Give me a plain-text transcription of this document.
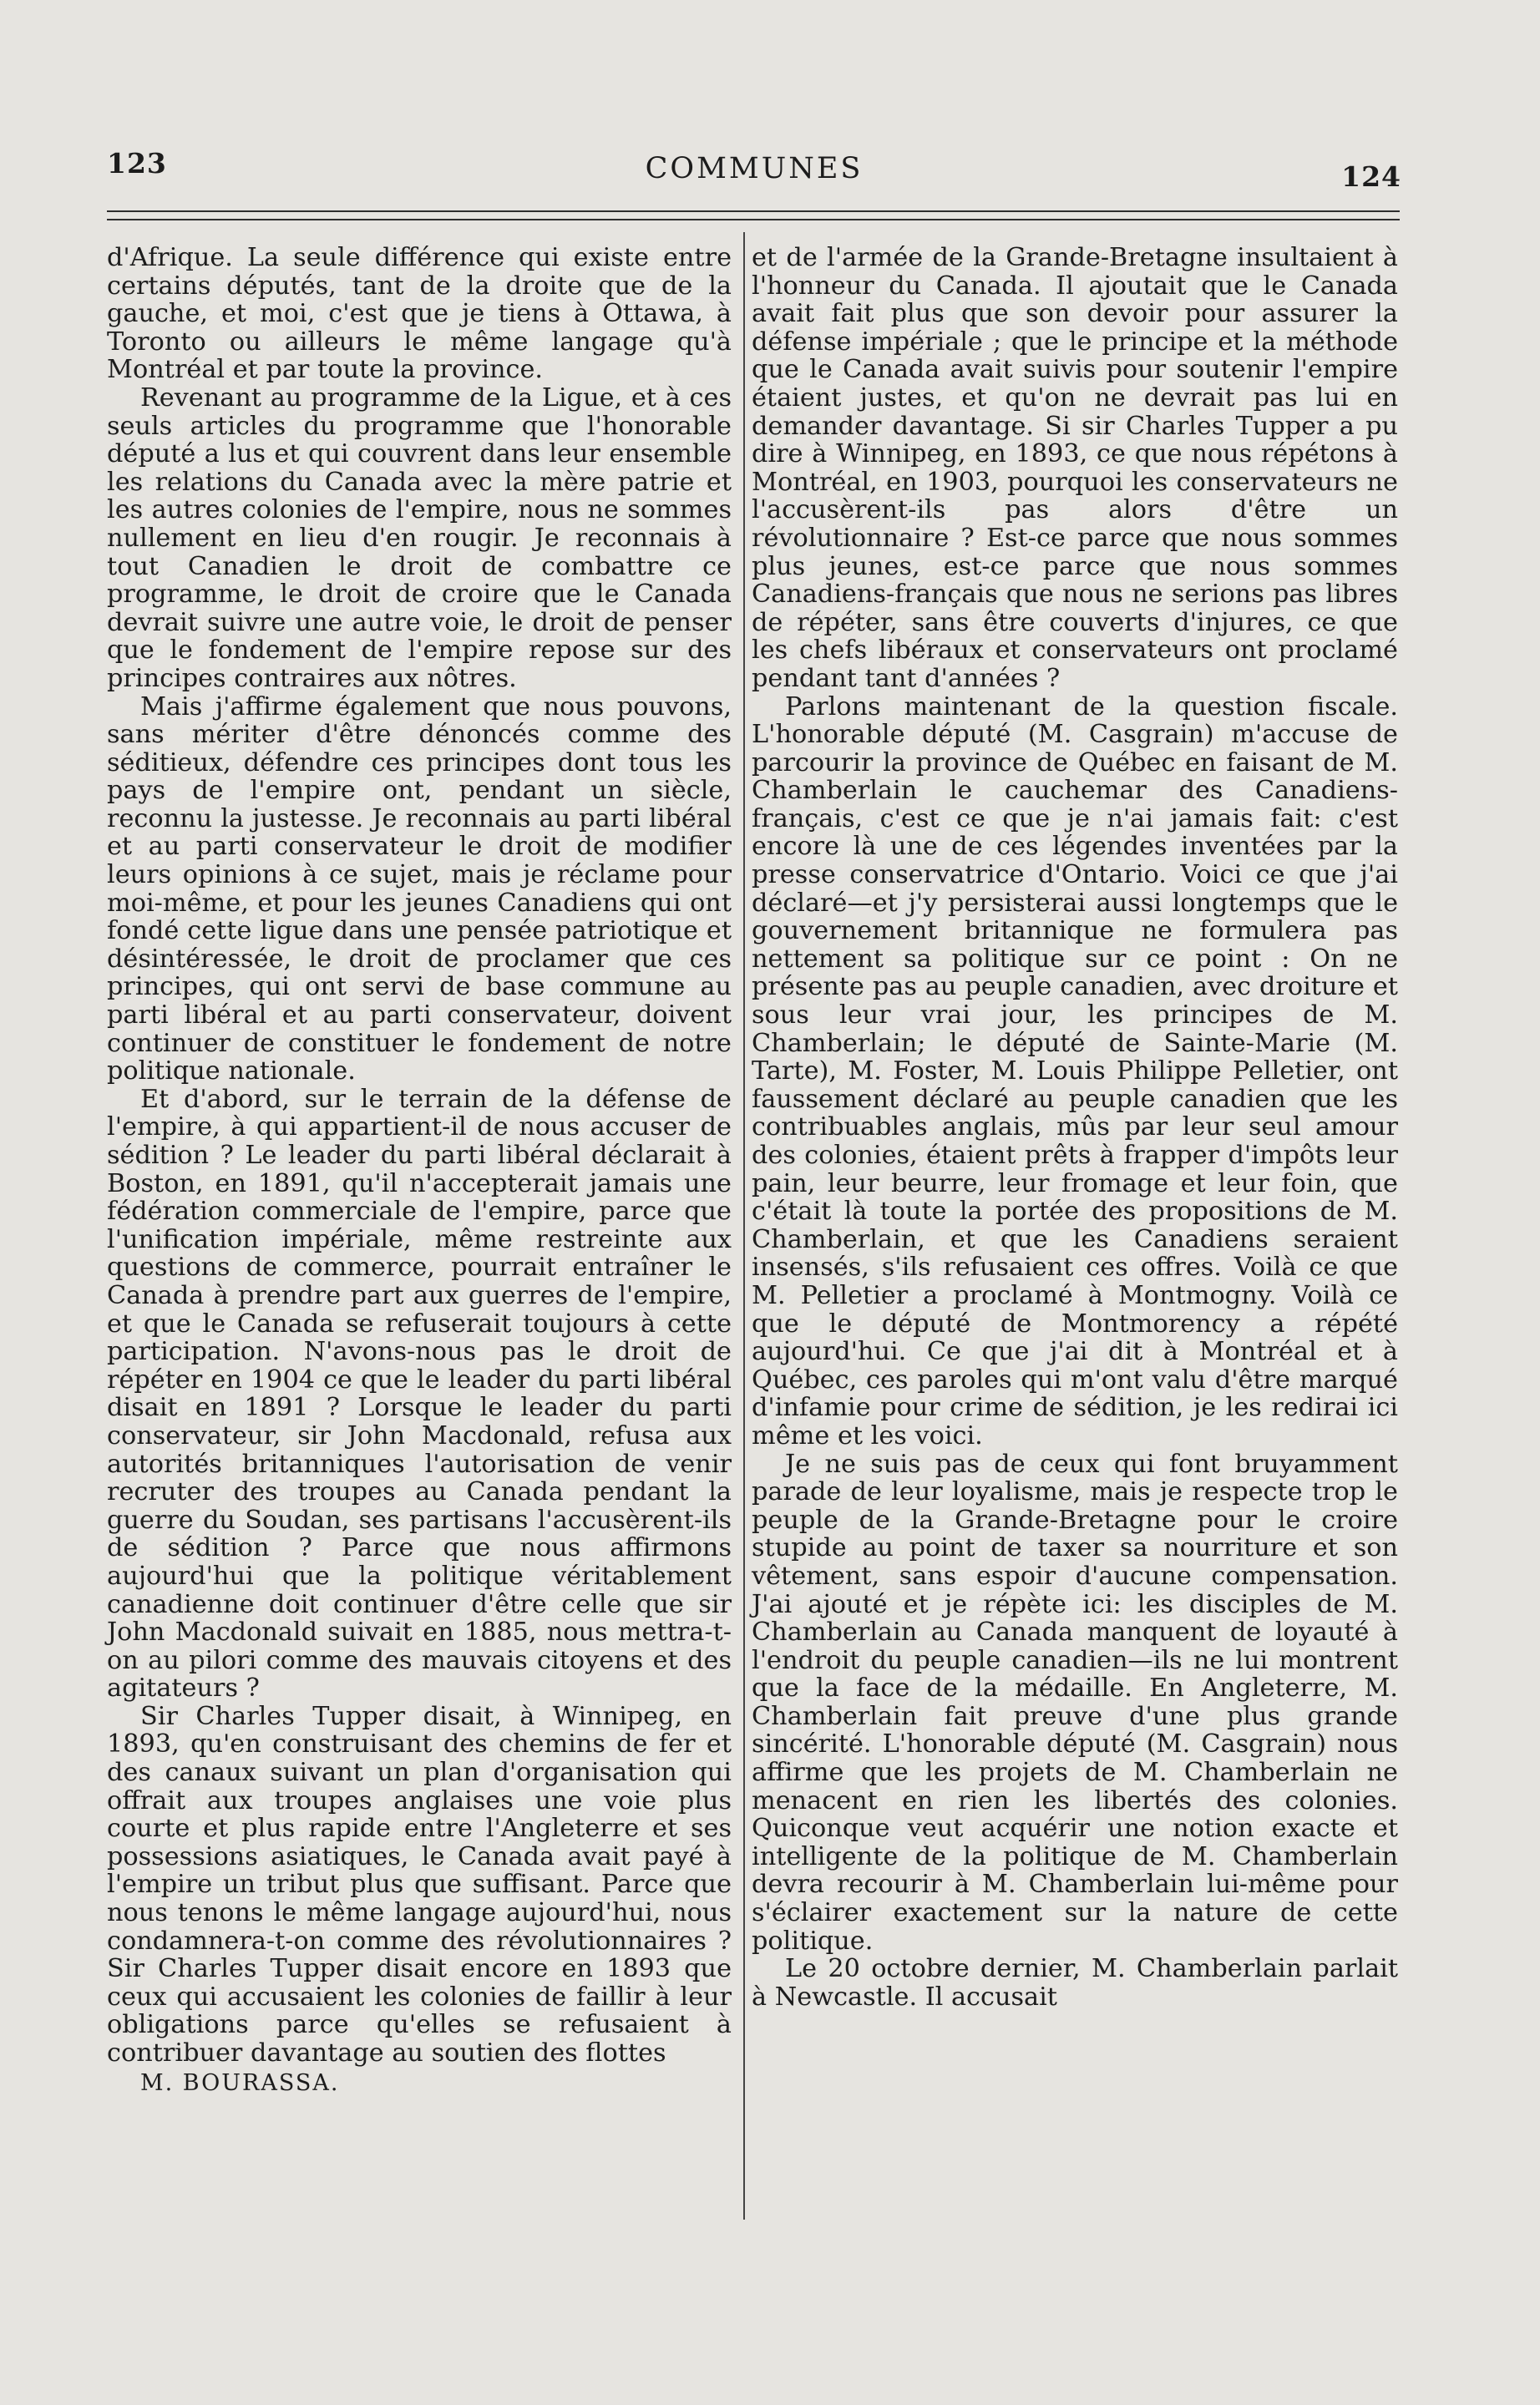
123	COMMUNES	124

d'Afrique. La seule différence qui existe entre certains députés, tant de la droite que de la gauche, et moi, c'est que je tiens à Ottawa, à Toronto ou ailleurs le même langage qu'à Montréal et par toute la province.

Revenant au programme de la Ligue, et à ces seuls articles du programme que l'honorable député a lus et qui couvrent dans leur ensemble les relations du Canada avec la mère patrie et les autres colonies de l'empire, nous ne sommes nullement en lieu d'en rougir. Je reconnais à tout Canadien le droit de combattre ce programme, le droit de croire que le Canada devrait suivre une autre voie, le droit de penser que le fondement de l'empire repose sur des principes contraires aux nôtres.

Mais j'affirme également que nous pouvons, sans mériter d'être dénoncés comme des séditieux, défendre ces principes dont tous les pays de l'empire ont, pendant un siècle, reconnu la justesse. Je reconnais au parti libéral et au parti conservateur le droit de modifier leurs opinions à ce sujet, mais je réclame pour moi-même, et pour les jeunes Canadiens qui ont fondé cette ligue dans une pensée patriotique et désintéressée, le droit de proclamer que ces principes, qui ont servi de base commune au parti libéral et au parti conservateur, doivent continuer de constituer le fondement de notre politique nationale.

Et d'abord, sur le terrain de la défense de l'empire, à qui appartient-il de nous accuser de sédition ? Le leader du parti libéral déclarait à Boston, en 1891, qu'il n'accepterait jamais une fédération commerciale de l'empire, parce que l'unification impériale, même restreinte aux questions de commerce, pourrait entraîner le Canada à prendre part aux guerres de l'empire, et que le Canada se refuserait toujours à cette participation. N'avons-nous pas le droit de répéter en 1904 ce que le leader du parti libéral disait en 1891 ? Lorsque le leader du parti conservateur, sir John Macdonald, refusa aux autorités britanniques l'autorisation de venir recruter des troupes au Canada pendant la guerre du Soudan, ses partisans l'accusèrent-ils de sédition ? Parce que nous affirmons aujourd'hui que la politique véritablement canadienne doit continuer d'être celle que sir John Macdonald suivait en 1885, nous mettra-t-on au pilori comme des mauvais citoyens et des agitateurs ?

Sir Charles Tupper disait, à Winnipeg, en 1893, qu'en construisant des chemins de fer et des canaux suivant un plan d'organisation qui offrait aux troupes anglaises une voie plus courte et plus rapide entre l'Angleterre et ses possessions asiatiques, le Canada avait payé à l'empire un tribut plus que suffisant. Parce que nous tenons le même langage aujourd'hui, nous condamnera-t-on comme des révolutionnaires ? Sir Charles Tupper disait encore en 1893 que ceux qui accusaient les colonies de faillir à leur obligations parce qu'elles se refusaient à contribuer davantage au soutien des flottes

M. BOURASSA.

et de l'armée de la Grande-Bretagne insultaient à l'honneur du Canada. Il ajoutait que le Canada avait fait plus que son devoir pour assurer la défense impériale ; que le principe et la méthode que le Canada avait suivis pour soutenir l'empire étaient justes, et qu'on ne devrait pas lui en demander davantage. Si sir Charles Tupper a pu dire à Winnipeg, en 1893, ce que nous répétons à Montréal, en 1903, pourquoi les conservateurs ne l'accusèrent-ils pas alors d'être un révolutionnaire ? Est-ce parce que nous sommes plus jeunes, est-ce parce que nous sommes Canadiens-français que nous ne serions pas libres de répéter, sans être couverts d'injures, ce que les chefs libéraux et conservateurs ont proclamé pendant tant d'années ?

Parlons maintenant de la question fiscale. L'honorable député (M. Casgrain) m'accuse de parcourir la province de Québec en faisant de M. Chamberlain le cauchemar des Canadiens-français, c'est ce que je n'ai jamais fait: c'est encore là une de ces légendes inventées par la presse conservatrice d'Ontario. Voici ce que j'ai déclaré—et j'y persisterai aussi longtemps que le gouvernement britannique ne formulera pas nettement sa politique sur ce point : On ne présente pas au peuple canadien, avec droiture et sous leur vrai jour, les principes de M. Chamberlain; le député de Sainte-Marie (M. Tarte), M. Foster, M. Louis Philippe Pelletier, ont faussement déclaré au peuple canadien que les contribuables anglais, mûs par leur seul amour des colonies, étaient prêts à frapper d'impôts leur pain, leur beurre, leur fromage et leur foin, que c'était là toute la portée des propositions de M. Chamberlain, et que les Canadiens seraient insensés, s'ils refusaient ces offres. Voilà ce que M. Pelletier a proclamé à Montmogny. Voilà ce que le député de Montmorency a répété aujourd'hui. Ce que j'ai dit à Montréal et à Québec, ces paroles qui m'ont valu d'être marqué d'infamie pour crime de sédition, je les redirai ici même et les voici.

Je ne suis pas de ceux qui font bruyamment parade de leur loyalisme, mais je respecte trop le peuple de la Grande-Bretagne pour le croire stupide au point de taxer sa nourriture et son vêtement, sans espoir d'aucune compensation. J'ai ajouté et je répète ici: les disciples de M. Chamberlain au Canada manquent de loyauté à l'endroit du peuple canadien—ils ne lui montrent que la face de la médaille. En Angleterre, M. Chamberlain fait preuve d'une plus grande sincérité. L'honorable député (M. Casgrain) nous affirme que les projets de M. Chamberlain ne menacent en rien les libertés des colonies. Quiconque veut acquérir une notion exacte et intelligente de la politique de M. Chamberlain devra recourir à M. Chamberlain lui-même pour s'éclairer exactement sur la nature de cette politique.

Le 20 octobre dernier, M. Chamberlain parlait à Newcastle. Il accusait
